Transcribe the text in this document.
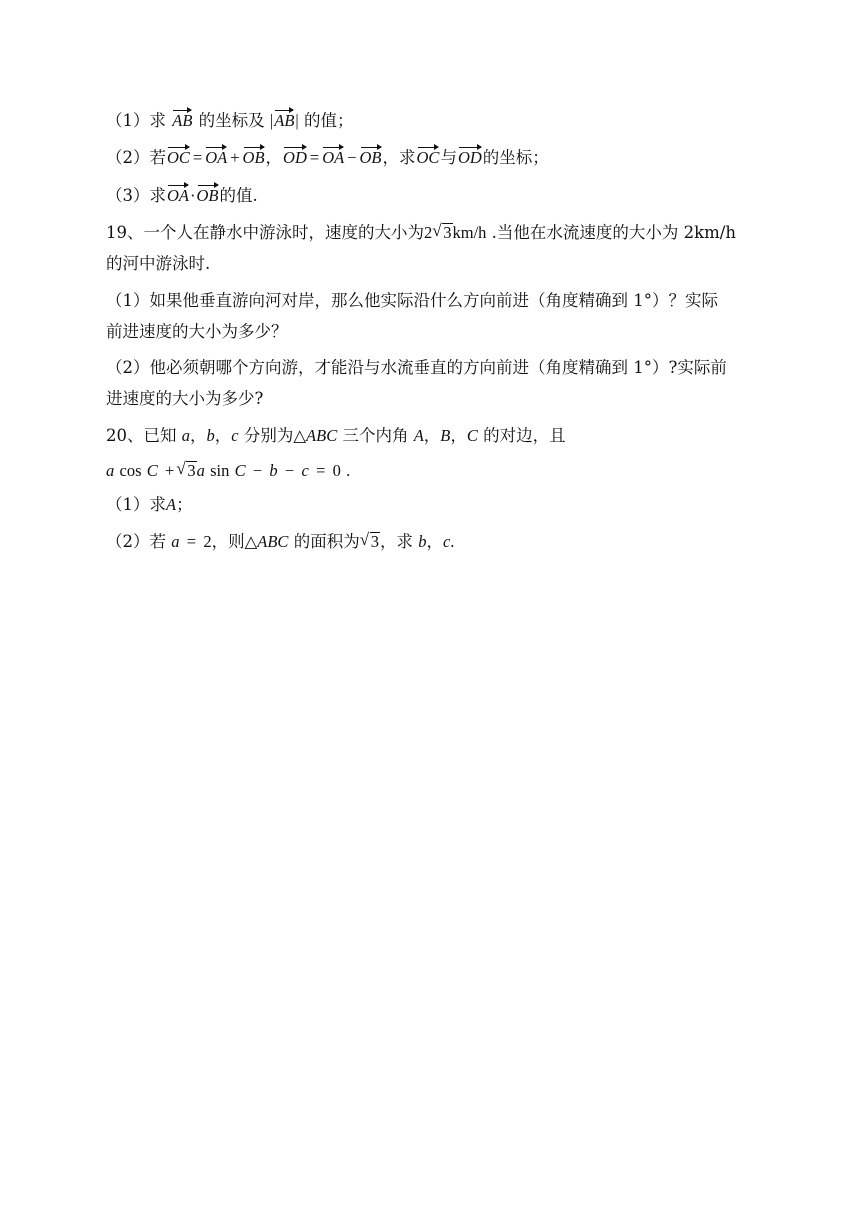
（1）求 AB 的坐标及 |AB| 的值；
（2）若OC = OA + OB，OD = OA − OB，求OC与OD的坐标；
（3）求OA·OB的值.
19、一个人在静水中游泳时，速度的大小为2 √ 3km/h .当他在水流速度的大小为 2km/h
的河中游泳时.
（1）如果他垂直游向河对岸，那么他实际沿什么方向前进（角度精确到 1°）？实际
前进速度的大小为多少？
（2）他必须朝哪个方向游，才能沿与水流垂直的方向前进（角度精确到 1°）?实际前
进速度的大小为多少?
20、已知 a，b，c 分别为△ABC 三个内角 A，B，C 的对边，且
a cos C + √ 3a sin C − b − c = 0 .
（1）求A；
（2）若 a = 2，则△ABC 的面积为 √ 3，求 b，c.
